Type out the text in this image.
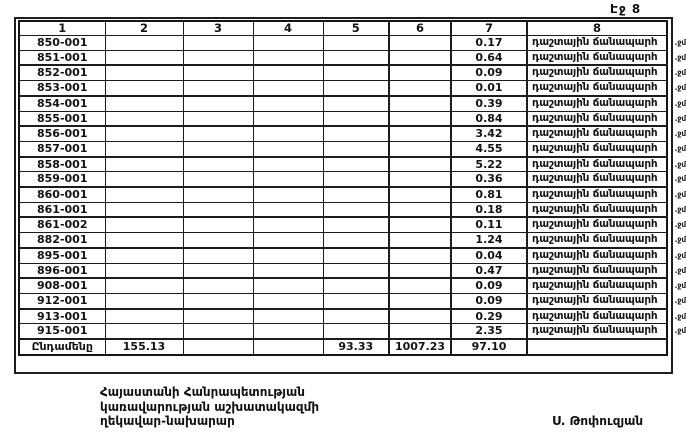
Էջ 8
1	2	3	4	5	6	7	8
850-001						0.17	դաշտային ճանապարհ .ջմ

851-001						0.64	դաշտային ճանապարհ .ջմ

852-001						0.09	դաշտային ճանապարհ .ջմ

853-001						0.01	դաշտային ճանապարհ .ջմ

854-001						0.39	դաշտային ճանապարհ .ջմ

855-001						0.84	դաշտային ճանապարհ .ջմ

856-001						3.42	դաշտային ճանապարհ .ջմ

857-001						4.55	դաշտային ճանապարհ .ջմ

858-001						5.22	դաշտային ճանապարհ .ջմ

859-001						0.36	դաշտային ճանապարհ .ջմ

860-001						0.81	դաշտային ճանապարհ .ջմ

861-001						0.18	դաշտային ճանապարհ .ջմ

861-002						0.11	դաշտային ճանապարհ .ջմ

882-001						1.24	դաշտային ճանապարհ .ջմ

895-001						0.04	դաշտային ճանապարհ .ջմ

896-001						0.47	դաշտային ճանապարհ .ջմ

908-001						0.09	դաշտային ճանապարհ .ջմ

912-001						0.09	դաշտային ճանապարհ .ջմ

913-001						0.29	դաշտային ճանապարհ .ջմ

915-001						2.35	դաշտային ճանապարհ .ջմ

Ընդամենը	155.13			93.33	1007.23	97.10	
Հայաստանի Հանրապետության
կառավարության աշխատակազմի
ղեկավար-նախարար	Ս. Թոփուզյան
